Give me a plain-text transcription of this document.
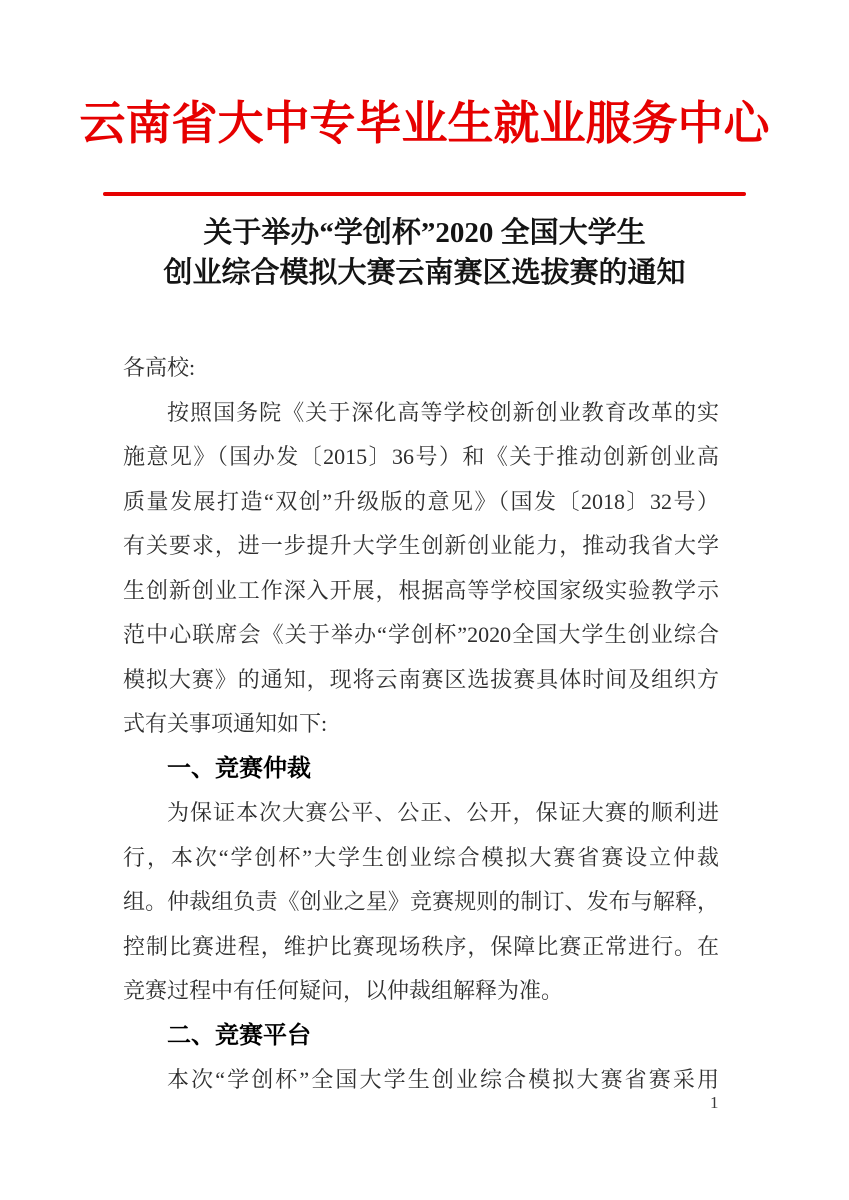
云南省大中专毕业生就业服务中心
关于举办“学创杯”2020 全国大学生
创业综合模拟大赛云南赛区选拔赛的通知
各高校:
按照国务院《关于深化高等学校创新创业教育改革的实
施意见》（国办发〔2015〕36号）和《关于推动创新创业高
质量发展打造“双创”升级版的意见》（国发〔2018〕32号）
有关要求，进一步提升大学生创新创业能力，推动我省大学
生创新创业工作深入开展，根据高等学校国家级实验教学示
范中心联席会《关于举办“学创杯”2020全国大学生创业综合
模拟大赛》的通知，现将云南赛区选拔赛具体时间及组织方
式有关事项通知如下:
一、竞赛仲裁
为保证本次大赛公平、公正、公开，保证大赛的顺利进
行，本次“学创杯”大学生创业综合模拟大赛省赛设立仲裁
组。仲裁组负责《创业之星》竞赛规则的制订、发布与解释，
控制比赛进程，维护比赛现场秩序，保障比赛正常进行。在
竞赛过程中有任何疑问，以仲裁组解释为准。
二、竞赛平台
本次“学创杯”全国大学生创业综合模拟大赛省赛采用
1
